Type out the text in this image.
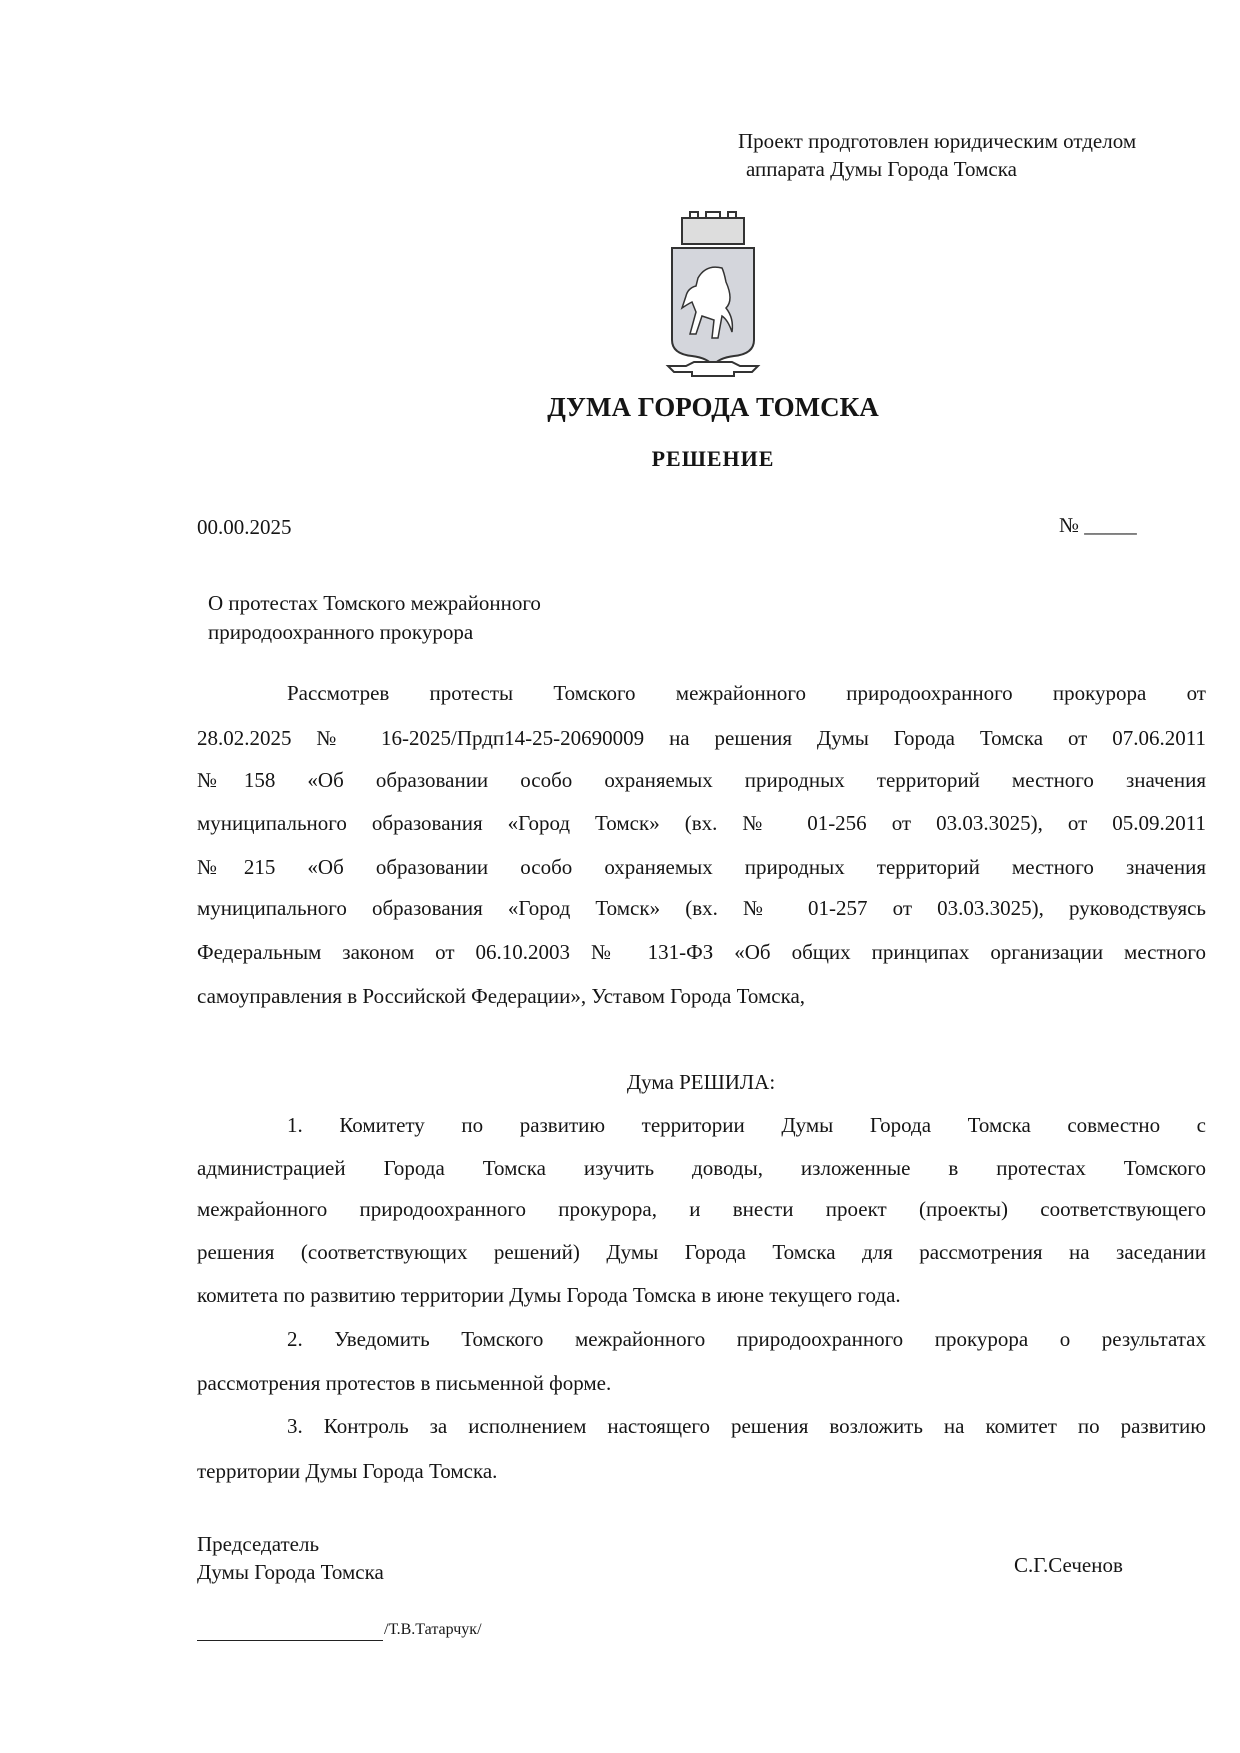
Проект продготовлен юридическим отделом
аппарата Думы Города Томска
ДУМА ГОРОДА ТОМСКА
РЕШЕНИЕ
00.00.2025	№ _____
О протестах Томского межрайонного
природоохранного прокурора
Рассмотрев протесты Томского межрайонного природоохранного прокурора от
28.02.2025 № 16-2025/Прдп14-25-20690009 на решения Думы Города Томска от 07.06.2011
№158 «Об образовании особо охраняемых природных территорий местного значения
муниципального образования «Город Томск» (вх. № 01-256 от 03.03.3025), от 05.09.2011
№215 «Об образовании особо охраняемых природных территорий местного значения
муниципального образования «Город Томск» (вх. № 01-257 от 03.03.3025), руководствуясь
Федеральным законом от 06.10.2003 № 131-ФЗ «Об общих принципах организации местного
самоуправления в Российской Федерации», Уставом Города Томска,
Дума РЕШИЛА:
1. Комитету по развитию территории Думы Города Томска совместно с
администрацией Города Томска изучить доводы, изложенные в протестах Томского
межрайонного природоохранного прокурора, и внести проект (проекты) соответствующего
решения (соответствующих решений) Думы Города Томска для рассмотрения на заседании
комитета по развитию территории Думы Города Томска в июне текущего года.
2. Уведомить Томского межрайонного природоохранного прокурора о результатах
рассмотрения протестов в письменной форме.
3. Контроль за исполнением настоящего решения возложить на комитет по развитию
территории Думы Города Томска.
Председатель
Думы Города Томска	С.Г.Сеченов
/Т.В.Татарчук/
